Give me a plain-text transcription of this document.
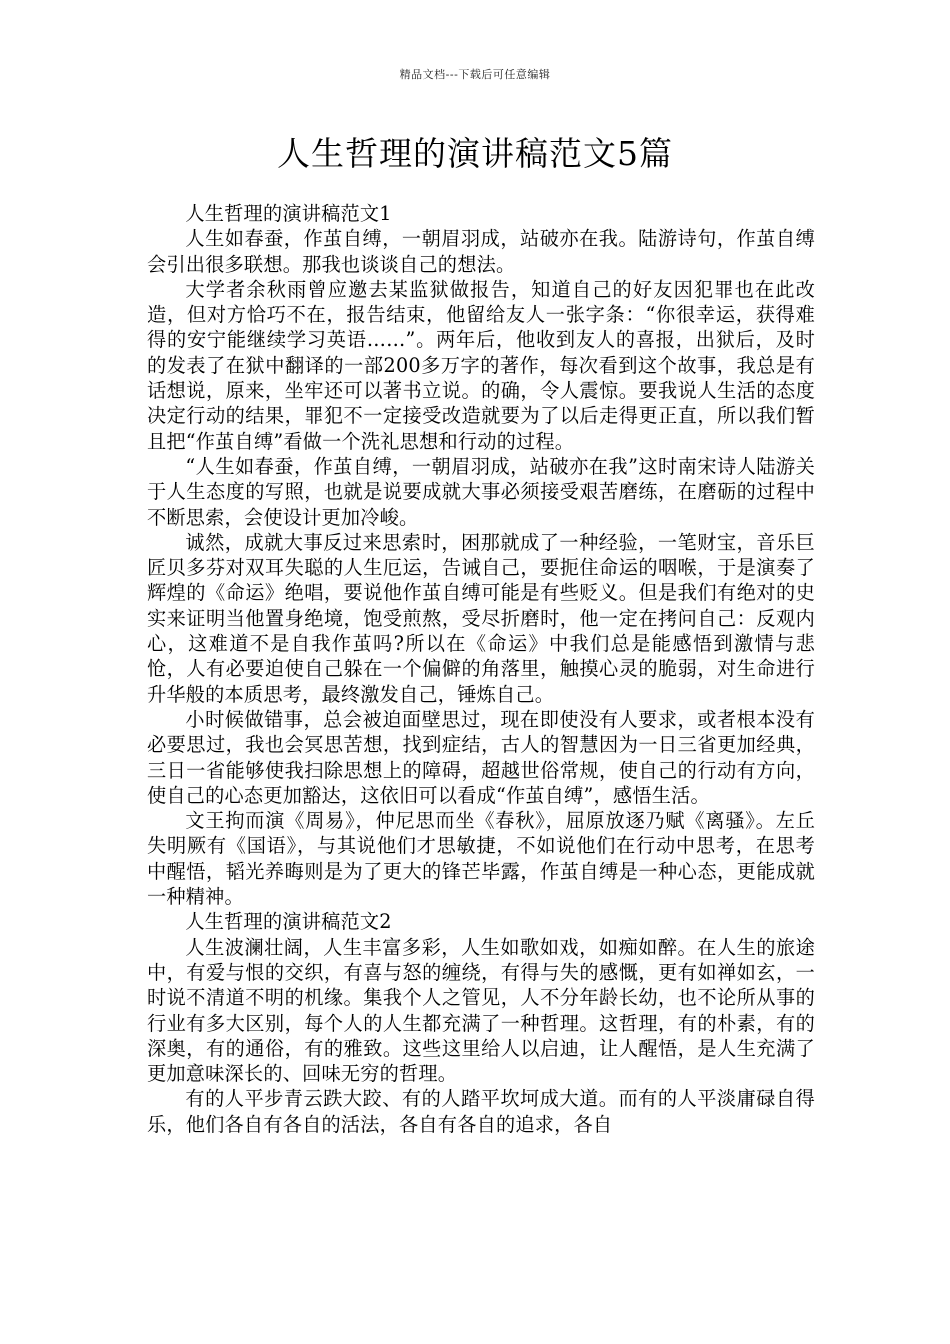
精品文档---下载后可任意编辑
人生哲理的演讲稿范文5篇

人生哲理的演讲稿范文1

人生如春蚕，作茧自缚，一朝眉羽成，站破亦在我。陆游诗句，作茧自缚会引出很多联想。那我也谈谈自己的想法。

大学者余秋雨曾应邀去某监狱做报告，知道自己的好友因犯罪也在此改造，但对方恰巧不在，报告结束，他留给友人一张字条：“你很幸运，获得难得的安宁能继续学习英语……”。两年后，他收到友人的喜报，出狱后，及时的发表了在狱中翻译的一部200多万字的著作，每次看到这个故事，我总是有话想说，原来，坐牢还可以著书立说。的确，令人震惊。要我说人生活的态度决定行动的结果，罪犯不一定接受改造就要为了以后走得更正直，所以我们暂且把“作茧自缚”看做一个洗礼思想和行动的过程。

“人生如春蚕，作茧自缚，一朝眉羽成，站破亦在我”这时南宋诗人陆游关于人生态度的写照，也就是说要成就大事必须接受艰苦磨练，在磨砺的过程中不断思索，会使设计更加冷峻。

诚然，成就大事反过来思索时，困那就成了一种经验，一笔财宝，音乐巨匠贝多芬对双耳失聪的人生厄运，告诫自己，要扼住命运的咽喉，于是演奏了辉煌的《命运》绝唱，要说他作茧自缚可能是有些贬义。但是我们有绝对的史实来证明当他置身绝境，饱受煎熬，受尽折磨时，他一定在拷问自己：反观内心，这难道不是自我作茧吗?所以在《命运》中我们总是能感悟到激情与悲怆，人有必要迫使自己躲在一个偏僻的角落里，触摸心灵的脆弱，对生命进行升华般的本质思考，最终激发自己，锤炼自己。

小时候做错事，总会被迫面壁思过，现在即使没有人要求，或者根本没有必要思过，我也会冥思苦想，找到症结，古人的智慧因为一日三省更加经典，三日一省能够使我扫除思想上的障碍，超越世俗常规，使自己的行动有方向，使自己的心态更加豁达，这依旧可以看成“作茧自缚”，感悟生活。

文王拘而演《周易》，仲尼思而坐《春秋》，屈原放逐乃赋《离骚》。左丘失明厥有《国语》，与其说他们才思敏捷，不如说他们在行动中思考，在思考中醒悟，韬光养晦则是为了更大的锋芒毕露，作茧自缚是一种心态，更能成就一种精神。

人生哲理的演讲稿范文2

人生波澜壮阔，人生丰富多彩，人生如歌如戏，如痴如醉。在人生的旅途中，有爱与恨的交织，有喜与怒的缠绕，有得与失的感慨，更有如禅如玄，一时说不清道不明的机缘。集我个人之管见，人不分年龄长幼，也不论所从事的行业有多大区别，每个人的人生都充满了一种哲理。这哲理，有的朴素，有的深奥，有的通俗，有的雅致。这些这里给人以启迪，让人醒悟，是人生充满了更加意味深长的、回味无穷的哲理。

有的人平步青云跌大跤、有的人踏平坎坷成大道。而有的人平淡庸碌自得乐，他们各自有各自的活法，各自有各自的追求，各自
